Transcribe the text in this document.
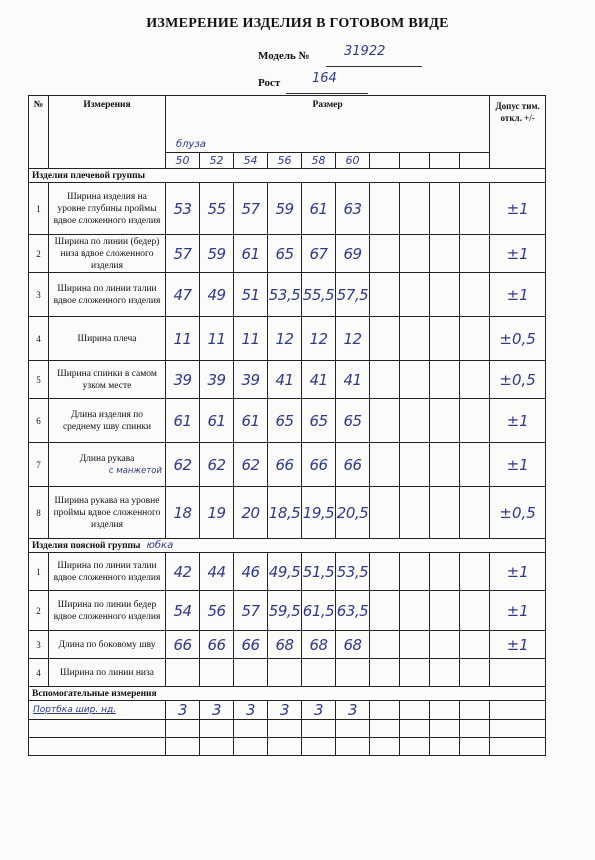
ИЗМЕРЕНИЕ ИЗДЕЛИЯ В ГОТОВОМ ВИДЕ
Модель №	31922
Рост 164
№	Измерения	Размер
блуза										Допус тим. откл. +/-
		50	52	54	56	58	60					
Изделия плечевой группы												
1	Ширина изделия на уровне глубины проймы вдвое сложенного изделия	53	55	57	59	61	63					±1
2	Ширина по линии (бедер) низа вдвое сложенного изделия	57	59	61	65	67	69					±1
3	Ширина по линии талии вдвое сложенного изделия	47	49	51	53,5	55,5	57,5					±1
4	Ширина плеча	11	11	11	12	12	12					±0,5
5	Ширина спинки в самом узком месте	39	39	39	41	41	41					±0,5
6	Длина изделия по среднему шву спинки	61	61	61	65	65	65					±1
7	Длина рукава
с манжетой	62	62	62	66	66	66					±1
8	Ширина рукава на уровне проймы вдвое сложенного изделия	18	19	20	18,5	19,5	20,5					±0,5
Изделия поясной группы юбка												
1	Ширина по линии талии вдвое сложенного изделия	42	44	46	49,5	51,5	53,5					±1
2	Ширина по линии бедер вдвое сложенного изделия	54	56	57	59,5	61,5	63,5					±1
3	Длина по боковому шву	66	66	66	68	68	68					±1
4	Ширина по линии низа											
Вспомогательные измерения												
Портбкa шир. нд.		3	3	3	3	3	3					
